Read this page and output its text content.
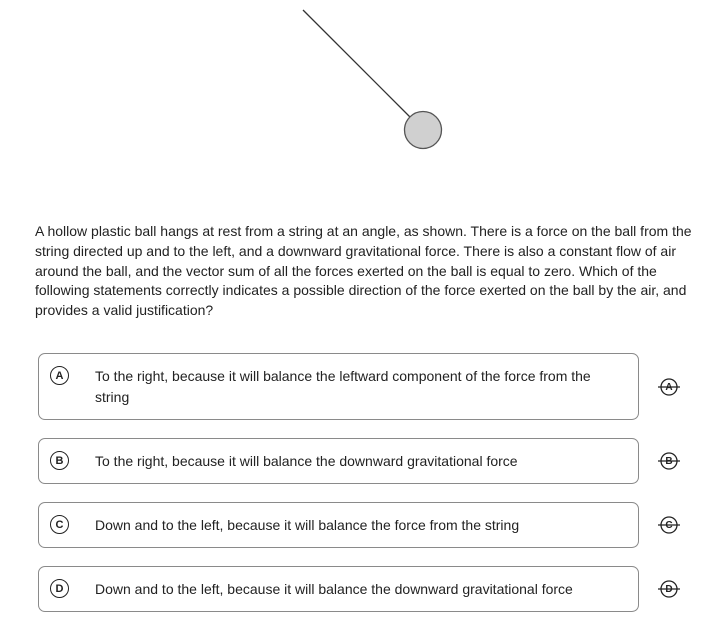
A hollow plastic ball hangs at rest from a string at an angle, as shown. There is a force on the ball from the string directed up and to the left, and a downward gravitational force. There is also a constant flow of air around the ball, and the vector sum of all the forces exerted on the ball is equal to zero. Which of the following statements correctly indicates a possible direction of the force exerted on the ball by the air, and provides a valid justification?
A	To the right, because it will balance the leftward component of the force from the string
A
B	To the right, because it will balance the downward gravitational force	B
C	Down and to the left, because it will balance the force from the string	C
D	Down and to the left, because it will balance the downward gravitational force	D
